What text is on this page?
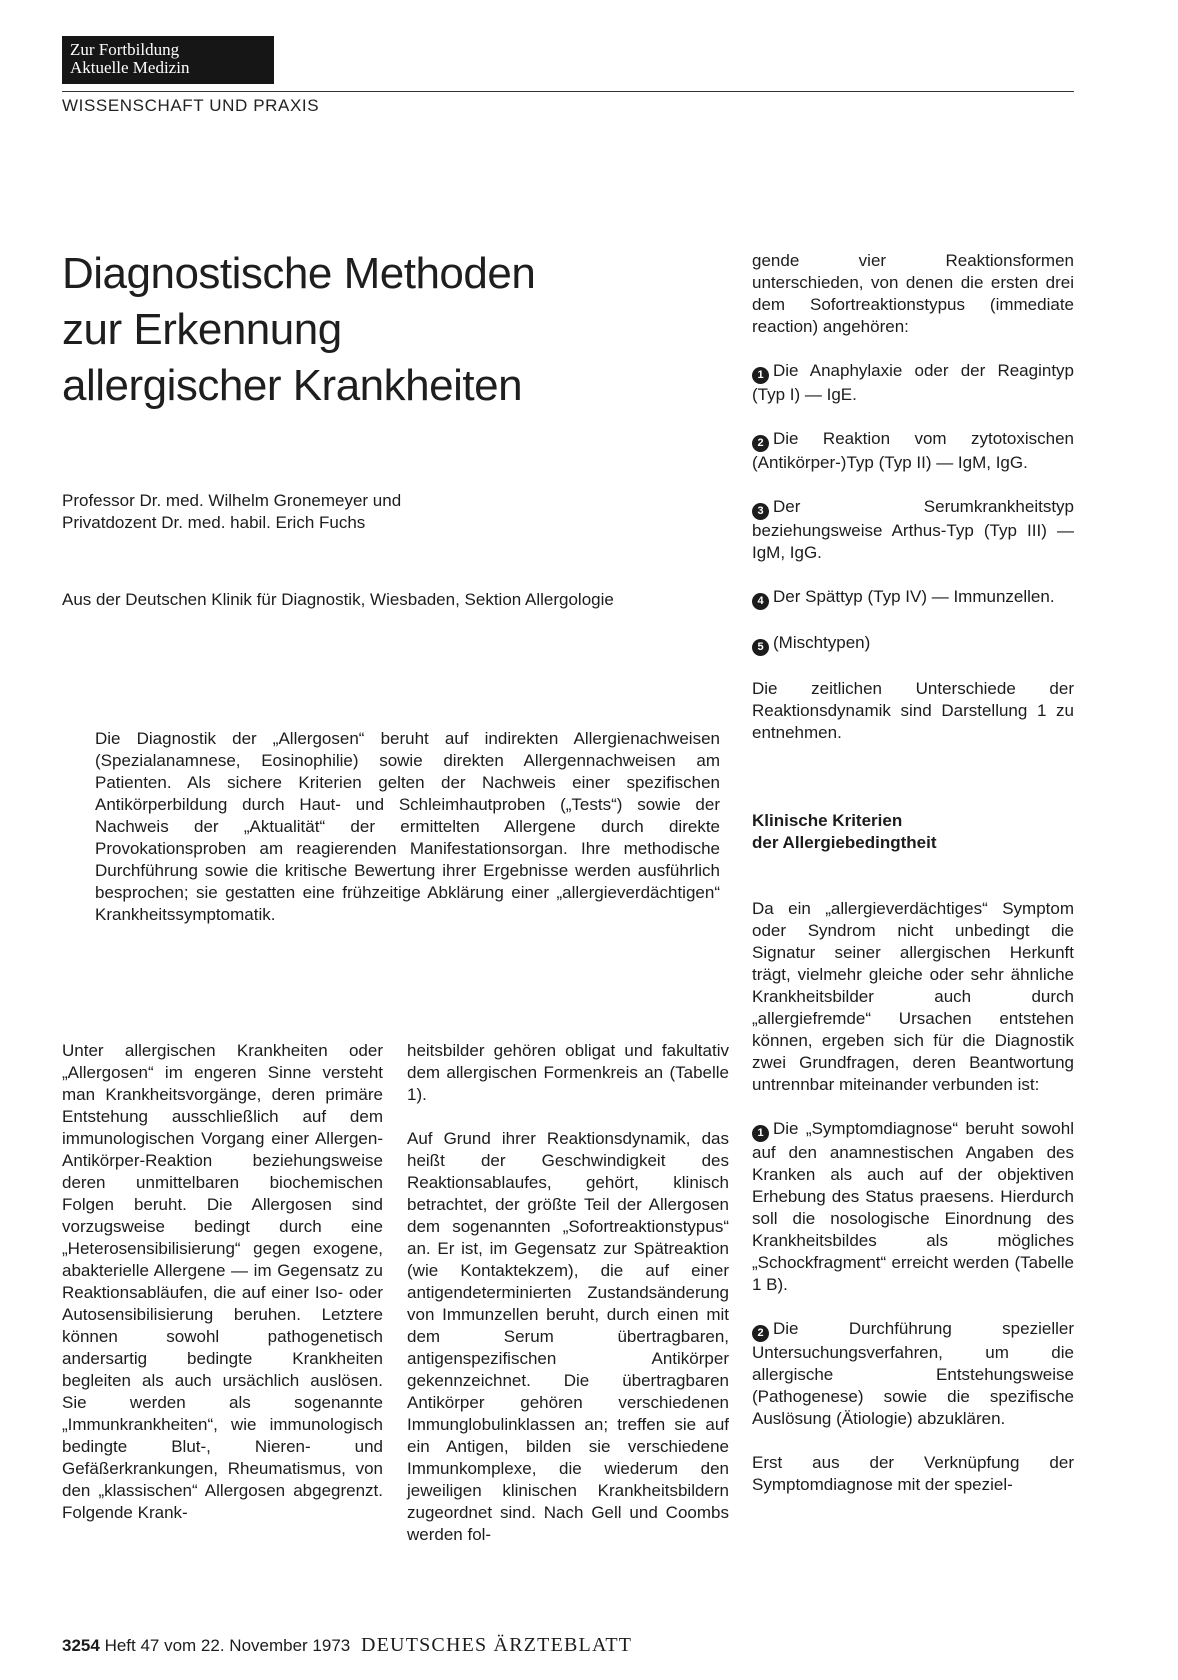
Zur Fortbildung
Aktuelle Medizin
WISSENSCHAFT UND PRAXIS
Diagnostische Methoden
zur Erkennung
allergischer Krankheiten
Professor Dr. med. Wilhelm Gronemeyer und
Privatdozent Dr. med. habil. Erich Fuchs
Aus der Deutschen Klinik für Diagnostik, Wiesbaden, Sektion Allergologie
Die Diagnostik der „Allergosen“ beruht auf indirekten Allergienachweisen (Spezialanamnese, Eosinophilie) sowie direkten Allergennachweisen am Patienten. Als sichere Kriterien gelten der Nachweis einer spezifischen Antikörperbildung durch Haut- und Schleimhautproben („Tests“) sowie der Nachweis der „Aktualität“ der ermittelten Allergene durch direkte Provokationsproben am reagierenden Manifestationsorgan. Ihre methodische Durchführung sowie die kritische Bewertung ihrer Ergebnisse werden ausführlich besprochen; sie gestatten eine frühzeitige Abklärung einer „allergieverdächtigen“ Krankheitssymptomatik.

Unter allergischen Krankheiten oder „Allergosen“ im engeren Sinne versteht man Krankheitsvorgänge, deren primäre Entstehung ausschließlich auf dem immunologischen Vorgang einer Allergen-Antikörper-Reaktion beziehungsweise deren unmittelbaren biochemischen Folgen beruht. Die Allergosen sind vorzugsweise bedingt durch eine „Heterosensibilisierung“ gegen exogene, abakterielle Allergene — im Gegensatz zu Reaktionsabläufen, die auf einer Iso- oder Autosensibilisierung beruhen. Letztere können sowohl pathogenetisch andersartig bedingte Krankheiten begleiten als auch ursächlich auslösen. Sie werden als sogenannte „Immunkrankheiten“, wie immunologisch bedingte Blut-, Nieren- und Gefäßerkrankungen, Rheumatismus, von den „klassischen“ Allergosen abgegrenzt. Folgende Krank-

heitsbilder gehören obligat und fakultativ dem allergischen Formenkreis an (Tabelle 1).

Auf Grund ihrer Reaktionsdynamik, das heißt der Geschwindigkeit des Reaktionsablaufes, gehört, klinisch betrachtet, der größte Teil der Allergosen dem sogenannten „Sofortreaktionstypus“ an. Er ist, im Gegensatz zur Spätreaktion (wie Kontaktekzem), die auf einer antigendeterminierten Zustandsänderung von Immunzellen beruht, durch einen mit dem Serum übertragbaren, antigenspezifischen Antikörper gekennzeichnet. Die übertragbaren Antikörper gehören verschiedenen Immunglobulinklassen an; treffen sie auf ein Antigen, bilden sie verschiedene Immunkomplexe, die wiederum den jeweiligen klinischen Krankheitsbildern zugeordnet sind. Nach Gell und Coombs werden fol-

gende vier Reaktionsformen unterschieden, von denen die ersten drei dem Sofortreaktionstypus (immediate reaction) angehören:

1 Die Anaphylaxie oder der Reagintyp (Typ I) — IgE.

2 Die Reaktion vom zytotoxischen (Antikörper-)Typ (Typ II) — IgM, IgG.

3 Der Serumkrankheitstyp beziehungsweise Arthus-Typ (Typ III) — IgM, IgG.

4 Der Spättyp (Typ IV) — Immunzellen.

5 (Mischtypen)

Die zeitlichen Unterschiede der Reaktionsdynamik sind Darstellung 1 zu entnehmen.

Klinische Kriterien
der Allergiebedingtheit

Da ein „allergieverdächtiges“ Symptom oder Syndrom nicht unbedingt die Signatur seiner allergischen Herkunft trägt, vielmehr gleiche oder sehr ähnliche Krankheitsbilder auch durch „allergiefremde“ Ursachen entstehen können, ergeben sich für die Diagnostik zwei Grundfragen, deren Beantwortung untrennbar miteinander verbunden ist:

1 Die „Symptomdiagnose“ beruht sowohl auf den anamnestischen Angaben des Kranken als auch auf der objektiven Erhebung des Status praesens. Hierdurch soll die nosologische Einordnung des Krankheitsbildes als mögliches „Schockfragment“ erreicht werden (Tabelle 1 B).

2 Die Durchführung spezieller Untersuchungsverfahren, um die allergische Entstehungsweise (Pathogenese) sowie die spezifische Auslösung (Ätiologie) abzuklären.

Erst aus der Verknüpfung der Symptomdiagnose mit der speziel-

3254 Heft 47 vom 22. November 1973 DEUTSCHES ÄRZTEBLATT
